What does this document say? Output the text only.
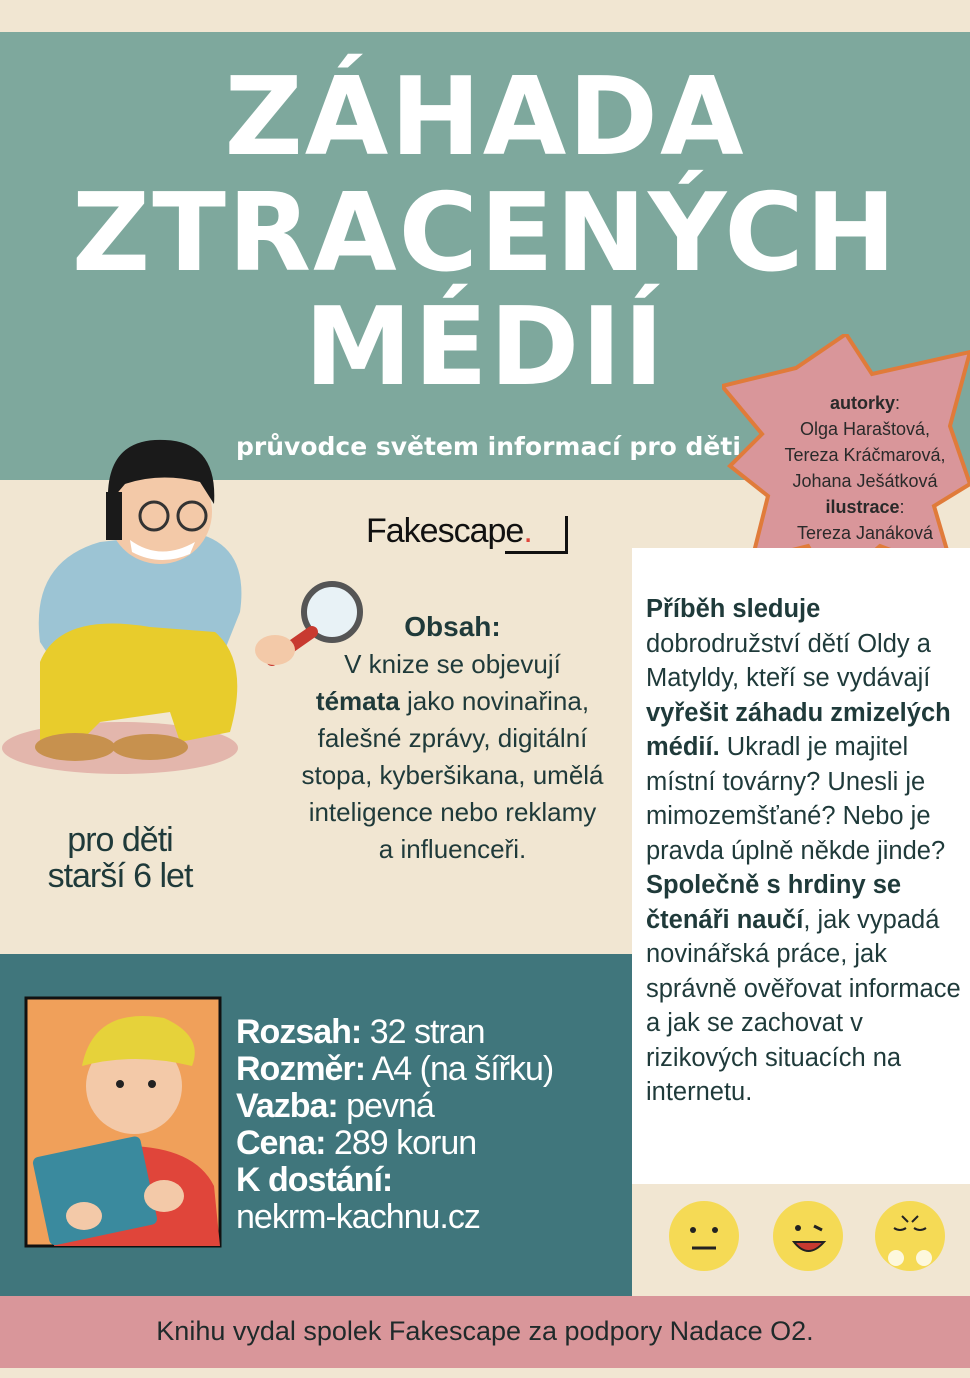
ZÁHADA
ZTRACENÝCH
MÉDIÍ
průvodce světem informací pro děti
autorky:
Olga Haraštová,
Tereza Kráčmarová,
Johana Ješátková
ilustrace:
Tereza Janáková
Fakescape.
Obsah:
V knize se objevují témata jako novinařina, falešné zprávy, digitální stopa, kyberšikana, umělá inteligence nebo reklamy a influenceři.
pro děti
starší 6 let
Příběh sleduje dobrodružství dětí Oldy a Matyldy, kteří se vydávají vyřešit záhadu zmizelých médií. Ukradl je majitel místní továrny? Unesli je mimozemšťané? Nebo je pravda úplně někde jinde? Společně s hrdiny se čtenáři naučí, jak vypadá novinářská práce, jak správně ověřovat informace a jak se zachovat v rizikových situacích na internetu.
Rozsah: 32 stran
Rozměr: A4 (na šířku)
Vazba: pevná
Cena: 289 korun
K dostání:
nekrm-kachnu.cz
Knihu vydal spolek Fakescape za podpory Nadace O2.
